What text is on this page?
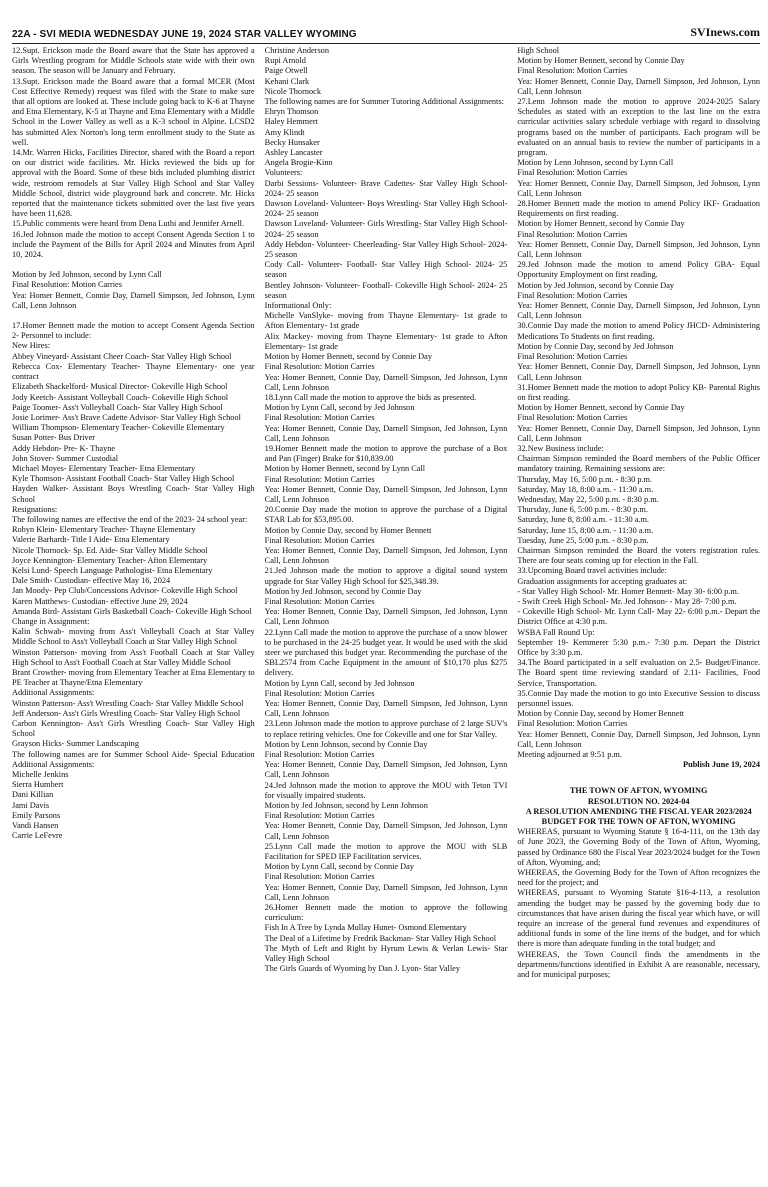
22A - SVI MEDIA WEDNESDAY JUNE 19, 2024 STAR VALLEY WYOMING	SVInews.com

12.Supt. Erickson made the Board aware that the State has approved a Girls Wrestling program for Middle Schools state wide with their own season. The season will be January and February.

13.Supt. Erickson made the Board aware that a formal MCER (Most Cost Effective Remedy) request was filed with the State to make sure that all options are looked at. These include going back to K-6 at Thayne and Etna Elementary, K-5 at Thayne and Etna Elementary with a Middle School in the Lower Valley as well as a K-3 school in Alpine. LCSD2 has submitted Alex Norton's long term enrollment study to the State as well.

14.Mr. Warren Hicks, Facilities Director, shared with the Board a report on our district wide facilities. Mr. Hicks reviewed the bids up for approval with the Board. Some of these bids included plumbing district wide, restroom remodels at Star Valley High School and Star Valley Middle School, district wide playground bark and concrete. Mr. Hicks reported that the maintenance tickets submitted over the last five years have been 11,628.

15.Public comments were heard from Dena Luthi and Jennifer Arnell.

16.Jed Johnson made the motion to accept Consent Agenda Section 1 to include the Payment of the Bills for April 2024 and Minutes from April 10, 2024.

Motion by Jed Johnson, second by Lynn Call

Final Resolution: Motion Carries

Yea: Homer Bennett, Connie Day, Darnell Simpson, Jed Johnson, Lynn Call, Lenn Johnson

17.Homer Bennett made the motion to accept Consent Agenda Section 2- Personnel to include:

New Hires:

Abbey Vineyard- Assistant Cheer Coach- Star Valley High School

Rebecca Cox- Elementary Teacher- Thayne Elementary- one year contract

Elizabeth Shackelford- Musical Director- Cokeville High School

Jody Keetch- Assistant Volleyball Coach- Cokeville High School

Paige Toomer- Ass't Volleyball Coach- Star Valley High School

Josie Lorimer- Ass't Brave Cadette Advisor- Star Valley High School

William Thompson- Elementary Teacher- Cokeville Elementary

Susan Potter- Bus Driver

Addy Hebdon- Pre- K- Thayne

John Stover- Summer Custodial

Michael Moyes- Elementary Teacher- Etna Elementary

Kyle Thomson- Assistant Football Coach- Star Valley High School

Hayden Walker- Assistant Boys Wrestling Coach- Star Valley High School

Resignations:

The following names are effective the end of the 2023- 24 school year:

Robyn Klein- Elementary Teacher- Thayne Elementary

Valerie Barhardt- Title I Aide- Etna Elementary

Nicole Thornock- Sp. Ed. Aide- Star Valley Middle School

Joyce Kennington- Elementary Teacher- Afton Elementary

Kelsi Lund- Speech Language Pathologist- Etna Elementary

Dale Smith- Custodian- effective May 16, 2024

Jan Moody- Pep Club/Concessions Advisor- Cokeville High School

Karen Matthews- Custodian- effective June 29, 2024

Amanda Bird- Assistant Girls Basketball Coach- Cokeville High School

Change in Assignment:

Kalin Schwab- moving from Ass't Volleyball Coach at Star Valley Middle School to Ass't Volleyball Coach at Star Valley High School

Winston Patterson- moving from Ass't Football Coach at Star Valley High School to Ass't Football Coach at Star Valley Middle School

Brant Crowther- moving from Elementary Teacher at Etna Elementary to PE Teacher at Thayne/Etna Elementary

Additional Assignments:

Winston Patterson- Ass't Wrestling Coach- Star Valley Middle School

Jeff Anderson- Ass't Girls Wrestling Coach- Star Valley High School

Carbon Kennington- Ass't Girls Wrestling Coach- Star Valley High School

Grayson Hicks- Summer Landscaping

The following names are for Summer School Aide- Special Education Additional Assignments:

Michelle Jenkins

Sierra Humbert

Dani Killian

Jami Davis

Emily Parsons

Vandi Hansen

Carrie LeFevre

Christine Anderson

Rupi Arnold

Paige Otwell

Kehani Clark

Nicole Thornock

The following names are for Summer Tutoring Additional Assignments:

Ehryn Thomson

Haley Hemmert

Amy Klindt

Becky Hunsaker

Ashley Lancaster

Angela Brogie-Kinn

Volunteers:

Darbi Sessions- Volunteer- Brave Cadettes- Star Valley High School- 2024- 25 season

Dawson Loveland- Volunteer- Boys Wrestling- Star Valley High School- 2024- 25 season

Dawson Loveland- Volunteer- Girls Wrestling- Star Valley High School- 2024- 25 season

Addy Hebdon- Volunteer- Cheerleading- Star Valley High School- 2024- 25 season

Cody Call- Volunteer- Football- Star Valley High School- 2024- 25 season

Bentley Johnson- Volunteer- Football- Cokeville High School- 2024- 25 season

Informational Only:

Michelle VanSlyke- moving from Thayne Elementary- 1st grade to Afton Elementary- 1st grade

Alix Mackey- moving from Thayne Elementary- 1st grade to Afton Elementary- 1st grade

Motion by Homer Bennett, second by Connie Day

Final Resolution: Motion Carries

Yea: Homer Bennett, Connie Day, Darnell Simpson, Jed Johnson, Lynn Call, Lenn Johnson

18.Lynn Call made the motion to approve the bids as presented.

Motion by Lynn Call, second by Jed Johnson

Final Resolution: Motion Carries

Yea: Homer Bennett, Connie Day, Darnell Simpson, Jed Johnson, Lynn Call, Lenn Johnson

19.Homer Bennett made the motion to approve the purchase of a Box and Pan (Finger) Brake for $10,839.00

Motion by Homer Bennett, second by Lynn Call

Final Resolution: Motion Carries

Yea: Homer Bennett, Connie Day, Darnell Simpson, Jed Johnson, Lynn Call, Lenn Johnson

20.Connie Day made the motion to approve the purchase of a Digital STAR Lab for $53,895.00.

Motion by Connie Day, second by Homer Bennett

Final Resolution: Motion Carries

Yea: Homer Bennett, Connie Day, Darnell Simpson, Jed Johnson, Lynn Call, Lenn Johnson

21.Jed Johnson made the motion to approve a digital sound system upgrade for Star Valley High School for $25,348.39.

Motion by Jed Johnson, second by Connie Day

Final Resolution: Motion Carries

Yea: Homer Bennett, Connie Day, Darnell Simpson, Jed Johnson, Lynn Call, Lenn Johnson

22.Lynn Call made the motion to approve the purchase of a snow blower to be purchased in the 24-25 budget year. It would be used with the skid steer we purchased this budget year. Recommending the purchase of the SBL2574 from Cache Equipment in the amount of $10,170 plus $275 delivery.

Motion by Lynn Call, second by Jed Johnson

Final Resolution: Motion Carries

Yea: Homer Bennett, Connie Day, Darnell Simpson, Jed Johnson, Lynn Call, Lenn Johnson

23.Lenn Johnson made the motion to approve purchase of 2 large SUV's to replace retiring vehicles. One for Cokeville and one for Star Valley.

Motion by Lenn Johnson, second by Connie Day

Final Resolution: Motion Carries

Yea: Homer Bennett, Connie Day, Darnell Simpson, Jed Johnson, Lynn Call, Lenn Johnson

24.Jed Johnson made the motion to approve the MOU with Teton TVI for visually impaired students.

Motion by Jed Johnson, second by Lenn Johnson

Final Resolution: Motion Carries

Yea: Homer Bennett, Connie Day, Darnell Simpson, Jed Johnson, Lynn Call, Lenn Johnson

25.Lynn Call made the motion to approve the MOU with SLB Facilitation for SPED IEP Facilitation services.

Motion by Lynn Call, second by Connie Day

Final Resolution: Motion Carries

Yea: Homer Bennett, Connie Day, Darnell Simpson, Jed Johnson, Lynn Call, Lenn Johnson

26.Homer Bennett made the motion to approve the following curriculum:

Fish In A Tree by Lynda Mullay Hunet- Osmond Elementary

The Deal of a Lifetime by Fredrik Backman- Star Valley High School

The Myth of Left and Right by Hyrum Lewis & Verlan Lewis- Star Valley High School

The Girls Guards of Wyoming by Dan J. Lyon- Star Valley

High School

Motion by Homer Bennett, second by Connie Day

Final Resolution: Motion Carries

Yea: Homer Bennett, Connie Day, Darnell Simpson, Jed Johnson, Lynn Call, Lenn Johnson

27.Lenn Johnson made the motion to approve 2024-2025 Salary Schedules as stated with an exception to the last line on the extra curricular activities salary schedule verbiage with regard to dissolving programs based on the number of participants. Each program will be evaluated on an annual basis to review the number of participants in a program.

Motion by Lenn Johnson, second by Lynn Call

Final Resolution: Motion Carries

Yea: Homer Bennett, Connie Day, Darnell Simpson, Jed Johnson, Lynn Call, Lenn Johnson

28.Homer Bennett made the motion to amend Policy IKF- Graduation Requirements on first reading.

Motion by Homer Bennett, second by Connie Day

Final Resolution: Motion Carries

Yea: Homer Bennett, Connie Day, Darnell Simpson, Jed Johnson, Lynn Call, Lenn Johnson

29.Jed Johnson made the motion to amend Policy GBA- Equal Opportunity Employment on first reading.

Motion by Jed Johnson, second by Connie Day

Final Resolution: Motion Carries

Yea: Homer Bennett, Connie Day, Darnell Simpson, Jed Johnson, Lynn Call, Lenn Johnson

30.Connie Day made the motion to amend Policy JHCD- Administering Medications To Students on first reading.

Motion by Connie Day, second by Jed Johnson

Final Resolution: Motion Carries

Yea: Homer Bennett, Connie Day, Darnell Simpson, Jed Johnson, Lynn Call, Lenn Johnson

31.Homer Bennett made the motion to adopt Policy KB- Parental Rights on first reading.

Motion by Homer Bennett, second by Connie Day

Final Resolution: Motion Carries

Yea: Homer Bennett, Connie Day, Darnell Simpson, Jed Johnson, Lynn Call, Lenn Johnson

32.New Business include:

Chairman Simpson reminded the Board members of the Public Officer mandatory training. Remaining sessions are:

Thursday, May 16, 5:00 p.m. - 8:30 p.m.

Saturday, May 18, 8:00 a.m. - 11:30 a.m.

Wednesday, May 22, 5:00 p.m. - 8:30 p.m.

Thursday, June 6, 5:00 p.m. - 8:30 p.m.

Saturday, June 8, 8:00 a.m. - 11:30 a.m.

Saturday, June 15, 8:00 a.m. - 11:30 a.m.

Tuesday, June 25, 5:00 p.m. - 8:30 p.m.

Chairman Simpson reminded the Board the voters registration rules. There are four seats coming up for election in the Fall.

33.Upcoming Board travel activities include:

Graduation assignments for accepting graduates at:

- Star Valley High School- Mr. Homer Bennett- May 30- 6:00 p.m.

- Swift Creek High School- Mr. Jed Johnson- - May 28- 7:00 p.m.

- Cokeville High School- Mr. Lynn Call- May 22- 6:00 p.m.- Depart the District Office at 4:30 p.m.

WSBA Fall Round Up:

September 19- Kemmerer 5:30 p.m.- 7:30 p.m. Depart the District Office by 3:30 p.m.

34.The Board participated in a self evaluation on 2.5- Budget/Finance. The Board spent time reviewing standard of 2.11- Facilities, Food Service, Transportation.

35.Connie Day made the motion to go into Executive Session to discuss personnel issues.

Motion by Connie Day, second by Homer Bennett

Final Resolution: Motion Carries

Yea: Homer Bennett, Connie Day, Darnell Simpson, Jed Johnson, Lynn Call, Lenn Johnson

Meeting adjourned at 9:51 p.m.

Publish June 19, 2024

THE TOWN OF AFTON, WYOMING

RESOLUTION NO. 2024-04

A RESOLUTION AMENDING THE FISCAL YEAR 2023/2024 BUDGET FOR THE TOWN OF AFTON, WYOMING

WHEREAS, pursuant to Wyoming Statute § 16-4-111, on the 13th day of June 2023, the Governing Body of the Town of Afton, Wyoming, passed by Ordinance 680 the Fiscal Year 2023/2024 budget for the Town of Afton, Wyoming, and;

WHEREAS, the Governing Body for the Town of Afton recognizes the need for the project; and

WHEREAS, pursuant to Wyoming Statute §16-4-113, a resolution amending the budget may be passed by the governing body due to circumstances that have arisen during the fiscal year which have, or will require an increase of the general fund revenues and expenditures of additional funds in some of the line items of the budget, and for which there is more than adequate funding in the total budget; and

WHEREAS, the Town Council finds the amendments in the departments/functions identified in Exhibit A are reasonable, necessary, and for municipal purposes;
